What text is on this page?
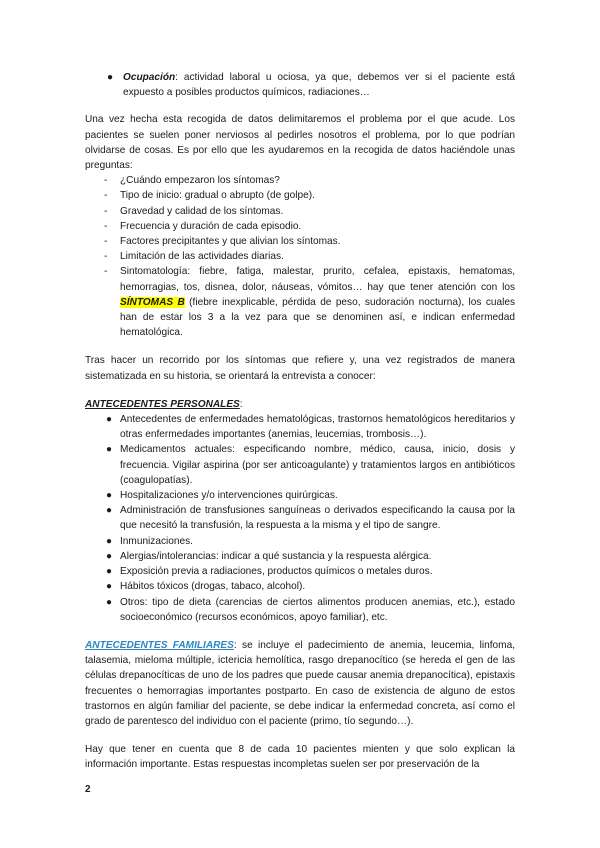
● Ocupación: actividad laboral u ociosa, ya que, debemos ver si el paciente está expuesto a posibles productos químicos, radiaciones…
Una vez hecha esta recogida de datos delimitaremos el problema por el que acude. Los pacientes se suelen poner nerviosos al pedirles nosotros el problema, por lo que podrían olvidarse de cosas. Es por ello que les ayudaremos en la recogida de datos haciéndole unas preguntas:
- ¿Cuándo empezaron los síntomas?
- Tipo de inicio: gradual o abrupto (de golpe).
- Gravedad y calidad de los síntomas.
- Frecuencia y duración de cada episodio.
- Factores precipitantes y que alivian los síntomas.
- Limitación de las actividades diarias.
- Sintomatología: fiebre, fatiga, malestar, prurito, cefalea, epistaxis, hematomas, hemorragias, tos, disnea, dolor, náuseas, vómitos… hay que tener atención con los SÍNTOMAS B (fiebre inexplicable, pérdida de peso, sudoración nocturna), los cuales han de estar los 3 a la vez para que se denominen así, e indican enfermedad hematológica.
Tras hacer un recorrido por los síntomas que refiere y, una vez registrados de manera sistematizada en su historia, se orientará la entrevista a conocer:
ANTECEDENTES PERSONALES:
● Antecedentes de enfermedades hematológicas, trastornos hematológicos hereditarios y otras enfermedades importantes (anemias, leucemias, trombosis…).
● Medicamentos actuales: especificando nombre, médico, causa, inicio, dosis y frecuencia. Vigilar aspirina (por ser anticoagulante) y tratamientos largos en antibióticos (coagulopatías).
● Hospitalizaciones y/o intervenciones quirúrgicas.
● Administración de transfusiones sanguíneas o derivados especificando la causa por la que necesitó la transfusión, la respuesta a la misma y el tipo de sangre.
● Inmunizaciones.
● Alergias/intolerancias: indicar a qué sustancia y la respuesta alérgica.
● Exposición previa a radiaciones, productos químicos o metales duros.
● Hábitos tóxicos (drogas, tabaco, alcohol).
● Otros: tipo de dieta (carencias de ciertos alimentos producen anemias, etc.), estado socioeconómico (recursos económicos, apoyo familiar), etc.
ANTECEDENTES FAMILIARES: se incluye el padecimiento de anemia, leucemia, linfoma, talasemia, mieloma múltiple, ictericia hemolítica, rasgo drepanocítico (se hereda el gen de las células drepanocíticas de uno de los padres que puede causar anemia drepanocítica), epistaxis frecuentes o hemorragias importantes postparto. En caso de existencia de alguno de estos trastornos en algún familiar del paciente, se debe indicar la enfermedad concreta, así como el grado de parentesco del individuo con el paciente (primo, tío segundo…).
Hay que tener en cuenta que 8 de cada 10 pacientes mienten y que solo explican la información importante. Estas respuestas incompletas suelen ser por preservación de la
2
